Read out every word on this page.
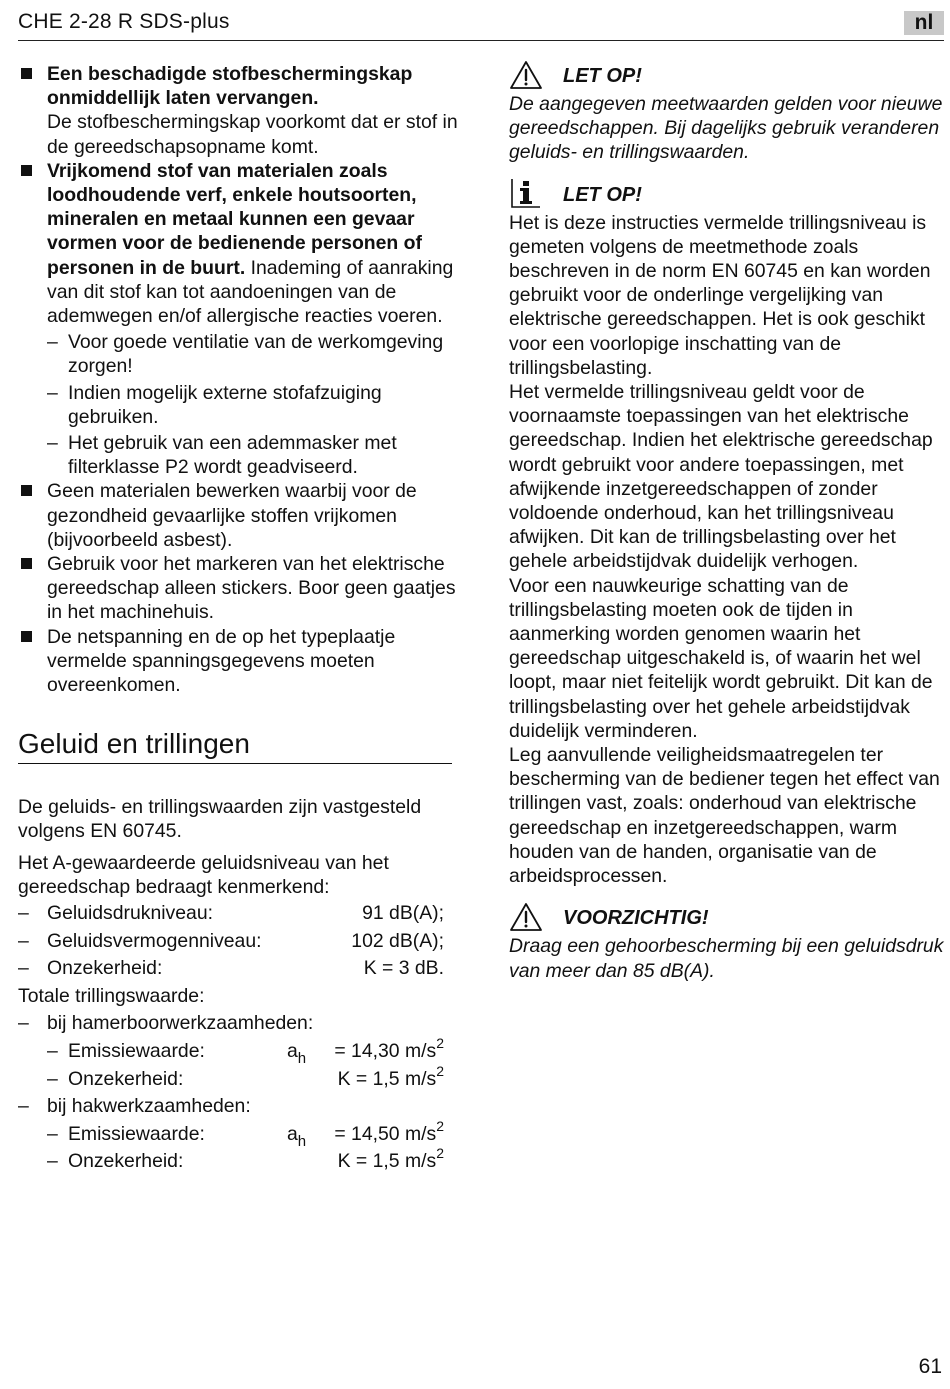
CHE 2-28 R SDS-plus	nl
Een beschadigde stofbeschermingskap onmiddellijk laten vervangen.
De stofbeschermingskap voorkomt dat er stof in de gereedschapsopname komt.
Vrijkomend stof van materialen zoals loodhoudende verf, enkele houtsoorten, mineralen en metaal kunnen een gevaar vormen voor de bedienende personen of personen in de buurt. Inademing of aanraking van dit stof kan tot aandoeningen van de ademwegen en/of allergische reacties voeren.
– Voor goede ventilatie van de werkomgeving zorgen!
– Indien mogelijk externe stofafzuiging gebruiken.
– Het gebruik van een ademmasker met filterklasse P2 wordt geadviseerd.
Geen materialen bewerken waarbij voor de gezondheid gevaarlijke stoffen vrijkomen (bijvoorbeeld asbest).
Gebruik voor het markeren van het elektrische gereedschap alleen stickers. Boor geen gaatjes in het machinehuis.
De netspanning en de op het typeplaatje vermelde spanningsgegevens moeten overeenkomen.
Geluid en trillingen
De geluids- en trillingswaarden zijn vastgesteld volgens EN 60745.
Het A-gewaardeerde geluidsniveau van het gereedschap bedraagt kenmerkend:
– Geluidsdrukniveau:	91 dB(A);
– Geluidsvermogenniveau:	102 dB(A);
– Onzekerheid:	K = 3 dB.
Totale trillingswaarde:
– bij hamerboorwerkzaamheden:
– Emissiewaarde:	$a_h = 14,30$ $m/s^2$
– Onzekerheid:	K = 1,5 $m/s^2$
– bij hakwerkzaamheden:
– Emissiewaarde:	$a_h = 14,50$ $m/s^2$
– Onzekerheid:	K = 1,5 $m/s^2$
LET OP!
De aangegeven meetwaarden gelden voor nieuwe gereedschappen. Bij dagelijks gebruik veranderen geluids- en trillingswaarden.
LET OP!
Het is deze instructies vermelde trillingsniveau is gemeten volgens de meetmethode zoals beschreven in de norm EN 60745 en kan worden gebruikt voor de onderlinge vergelijking van elektrische gereedschappen. Het is ook geschikt voor een voorlopige inschatting van de trillingsbelasting.
Het vermelde trillingsniveau geldt voor de voornaamste toepassingen van het elektrische gereedschap. Indien het elektrische gereedschap wordt gebruikt voor andere toepassingen, met afwijkende inzetgereedschappen of zonder voldoende onderhoud, kan het trillingsniveau afwijken. Dit kan de trillingsbelasting over het gehele arbeidstijdvak duidelijk verhogen.
Voor een nauwkeurige schatting van de trillingsbelasting moeten ook de tijden in aanmerking worden genomen waarin het gereedschap uitgeschakeld is, of waarin het wel loopt, maar niet feitelijk wordt gebruikt. Dit kan de trillingsbelasting over het gehele arbeidstijdvak duidelijk verminderen.
Leg aanvullende veiligheidsmaatregelen ter bescherming van de bediener tegen het effect van trillingen vast, zoals: onderhoud van elektrische gereedschap en inzetgereedschappen, warm houden van de handen, organisatie van de arbeidsprocessen.
VOORZICHTIG!
Draag een gehoorbescherming bij een geluidsdruk van meer dan 85 dB(A).
61
